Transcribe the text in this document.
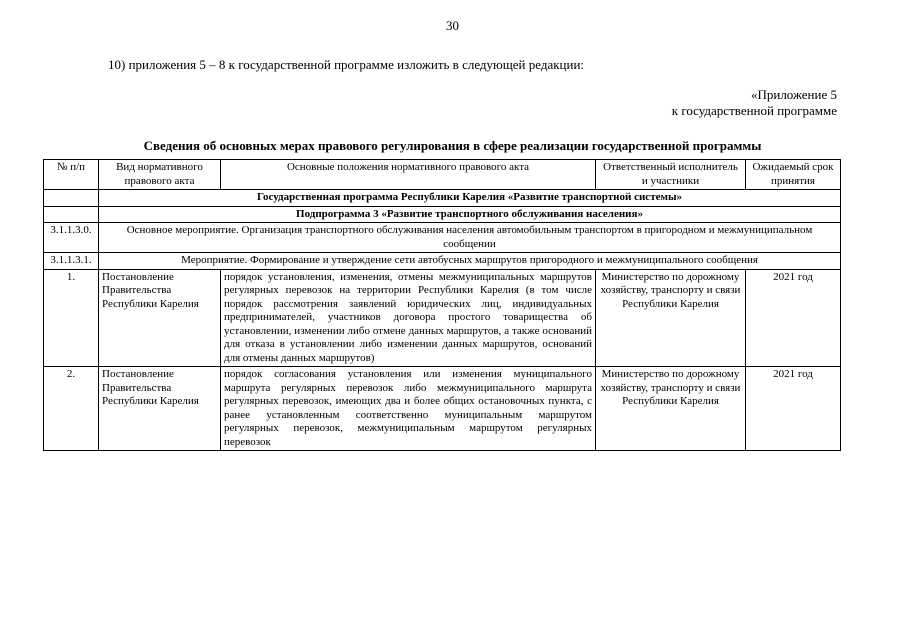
30
10) приложения 5 – 8 к государственной программе изложить в следующей редакции:
«Приложение 5
к государственной программе
Сведения об основных мерах правового регулирования в сфере реализации государственной программы
№ п/п	Вид нормативного правового акта	Основные положения нормативного правового акта	Ответственный исполнитель и участники	Ожидаемый срок принятия
	Государственная программа Республики Карелия «Развитие транспортной системы»			
	Подпрограмма 3 «Развитие транспортного обслуживания населения»			
3.1.1.3.0.	Основное мероприятие. Организация транспортного обслуживания населения автомобильным транспортом в пригородном и межмуниципальном сообщении			
3.1.1.3.1.	Мероприятие. Формирование и утверждение сети автобусных маршрутов пригородного и межмуниципального сообщения			
1.	Постановление Правительства Республики Карелия	порядок установления, изменения, отмены межмуниципальных маршрутов регулярных перевозок на территории Республики Карелия (в том числе порядок рассмотрения заявлений юридических лиц, индивидуальных предпринимателей, участников договора простого товарищества об установлении, изменении либо отмене данных маршрутов, а также оснований для отказа в установлении либо изменении данных маршрутов, оснований для отмены данных маршрутов)	Министерство по дорожному хозяйству, транспорту и связи Республики Карелия	2021 год
2.	Постановление Правительства Республики Карелия	порядок согласования установления или изменения муниципального маршрута регулярных перевозок либо межмуниципального маршрута регулярных перевозок, имеющих два и более общих остановочных пункта, с ранее установленным соответственно муниципальным маршрутом регулярных перевозок, межмуниципальным маршрутом регулярных перевозок	Министерство по дорожному хозяйству, транспорту и связи Республики Карелия	2021 год
